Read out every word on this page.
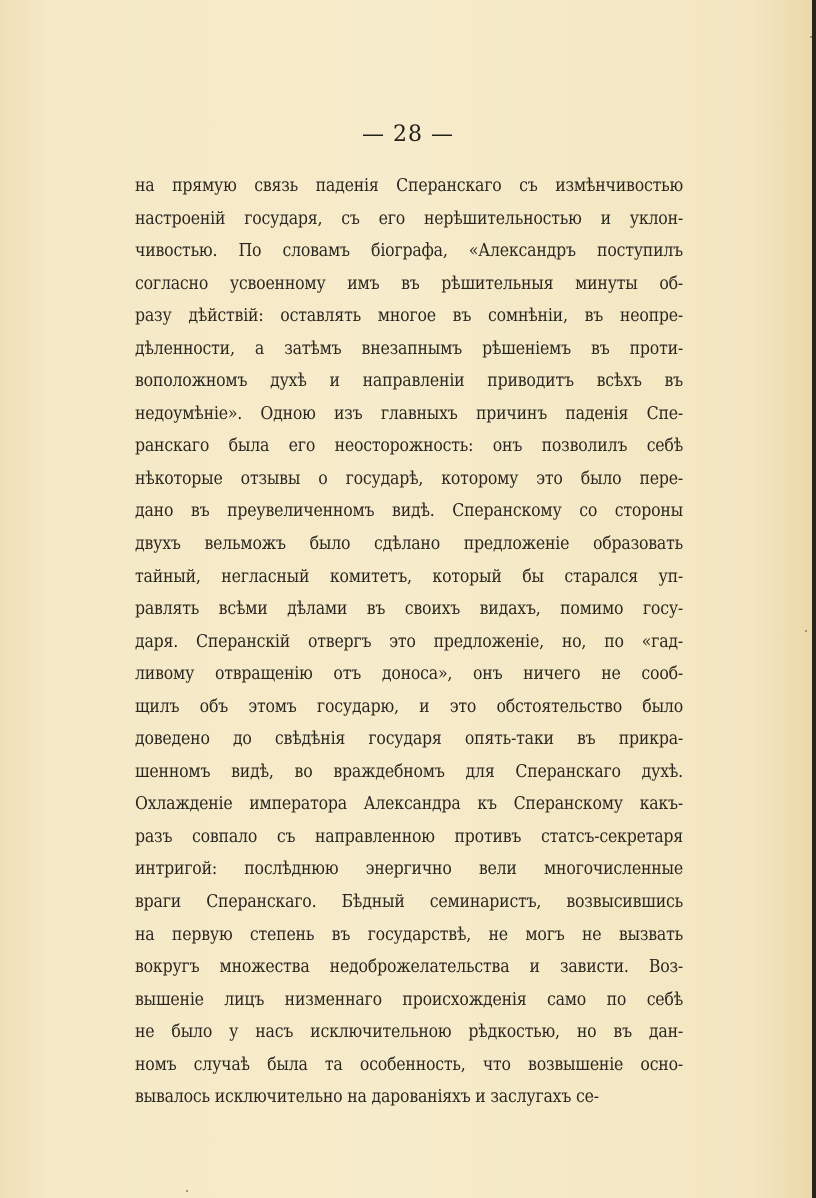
— 28 —
на прямую связь паденія Сперанскаго съ измѣнчивостью
настроеній государя, съ его нерѣшительностью и уклон-
чивостью. По словамъ біографа, «Александръ поступилъ
согласно усвоенному имъ въ рѣшительныя минуты об-
разу дѣйствій: оставлять многое въ сомнѣніи, въ неопре-
дѣленности, а затѣмъ внезапнымъ рѣшеніемъ въ проти-
воположномъ духѣ и направленіи приводитъ всѣхъ въ
недоумѣніе». Одною изъ главныхъ причинъ паденія Спе-
ранскаго была его неосторожность: онъ позволилъ себѣ
нѣкоторые отзывы о государѣ, которому это было пере-
дано въ преувеличенномъ видѣ. Сперанскому со стороны
двухъ вельможъ было сдѣлано предложеніе образовать
тайный, негласный комитетъ, который бы старался уп-
равлять всѣми дѣлами въ своихъ видахъ, помимо госу-
даря. Сперанскій отвергъ это предложеніе, но, по «гад-
ливому отвращенію отъ доноса», онъ ничего не сооб-
щилъ объ этомъ государю, и это обстоятельство было
доведено до свѣдѣнія государя опять-таки въ прикра-
шенномъ видѣ, во враждебномъ для Сперанскаго духѣ.
Охлажденіе императора Александра къ Сперанскому какъ-
разъ совпало съ направленною противъ статсъ-секретаря
интригой: послѣднюю энергично вели многочисленные
враги Сперанскаго. Бѣдный семинаристъ, возвысившись
на первую степень въ государствѣ, не могъ не вызвать
вокругъ множества недоброжелательства и зависти. Воз-
вышеніе лицъ низменнаго происхожденія само по себѣ
не было у насъ исключительною рѣдкостью, но въ дан-
номъ случаѣ была та особенность, что возвышеніе осно-
вывалось исключительно на дарованіяхъ и заслугахъ се-
